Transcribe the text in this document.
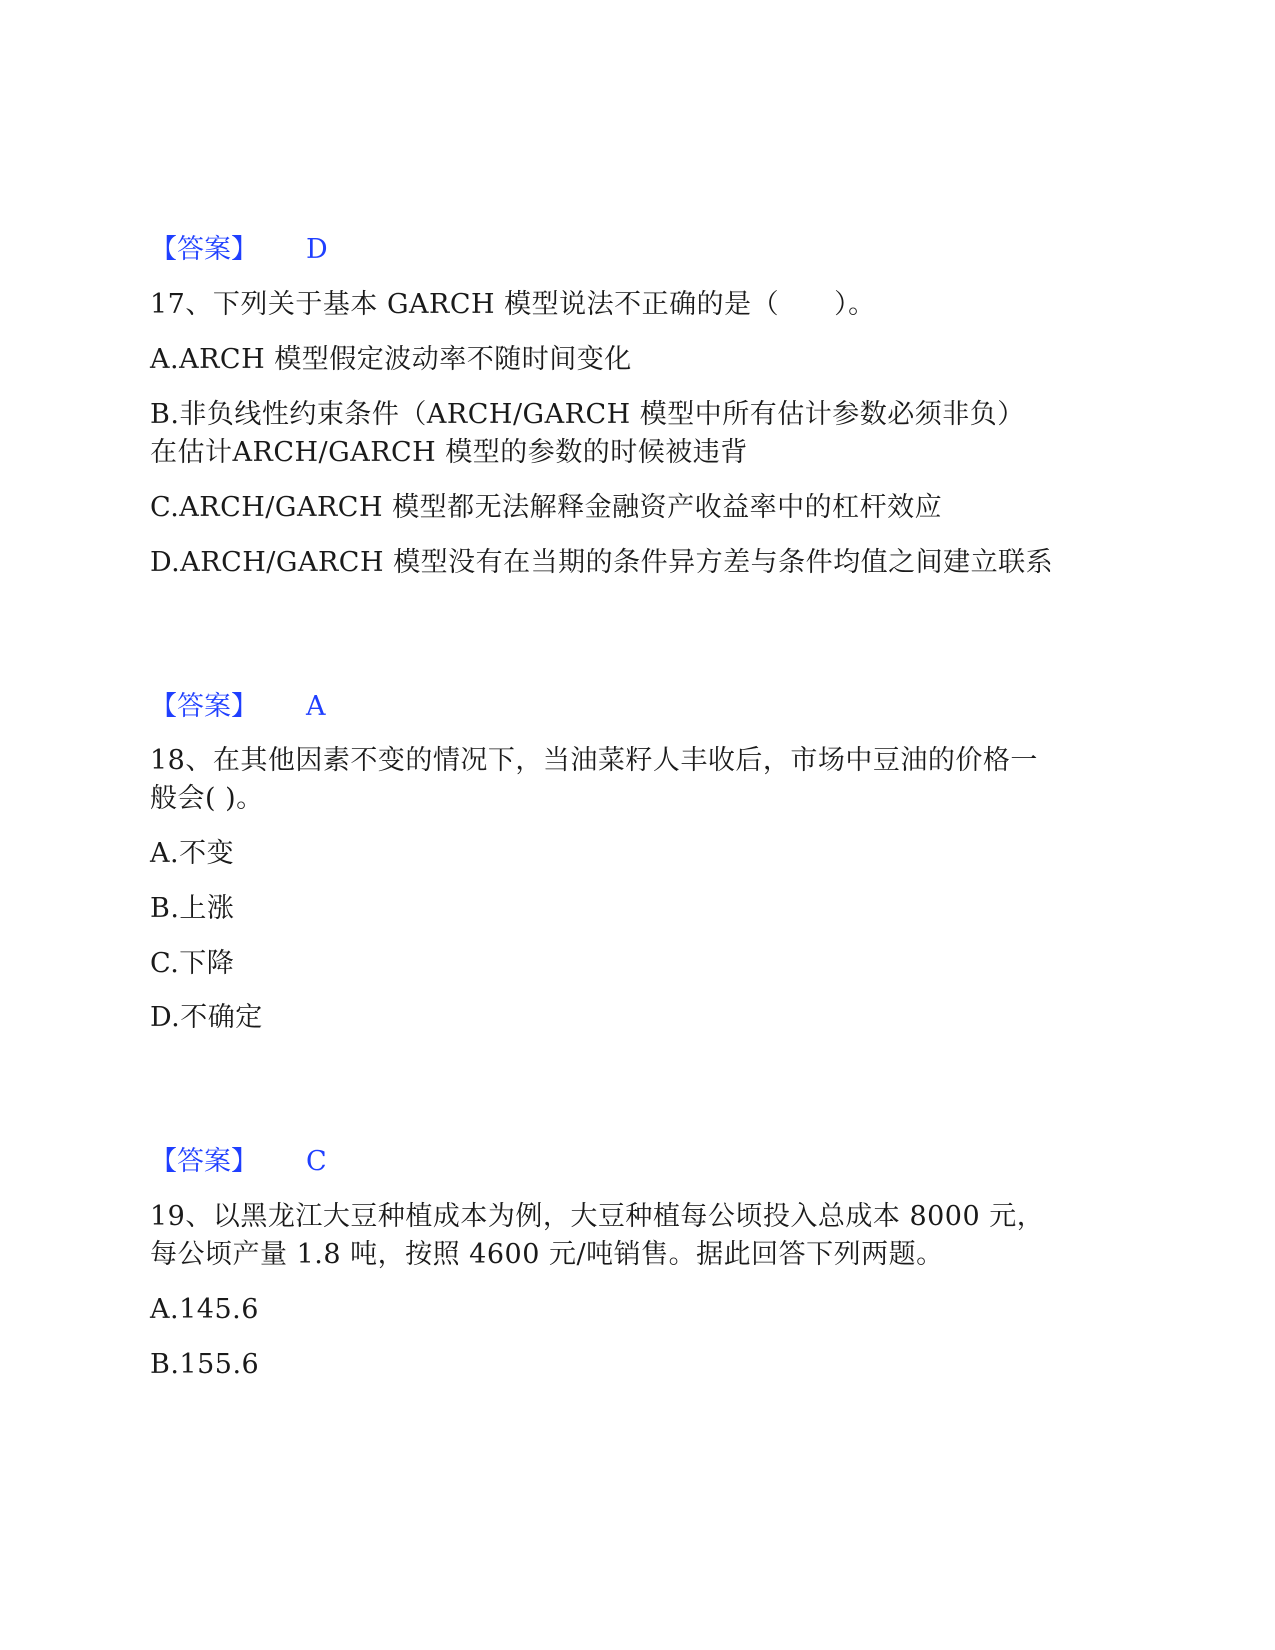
【答案】 D
17、下列关于基本 GARCH 模型说法不正确的是（　　）。
A.ARCH 模型假定波动率不随时间变化
B.非负线性约束条件（ARCH/GARCH 模型中所有估计参数必须非负）在估计ARCH/GARCH 模型的参数的时候被违背
C.ARCH/GARCH 模型都无法解释金融资产收益率中的杠杆效应
D.ARCH/GARCH 模型没有在当期的条件异方差与条件均值之间建立联系
【答案】 A
18、在其他因素不变的情况下，当油菜籽人丰收后，市场中豆油的价格一般会( )。
A.不变
B.上涨
C.下降
D.不确定
【答案】 C
19、以黑龙江大豆种植成本为例，大豆种植每公顷投入总成本 8000 元，每公顷产量 1.8 吨，按照 4600 元/吨销售。据此回答下列两题。
A.145.6
B.155.6
